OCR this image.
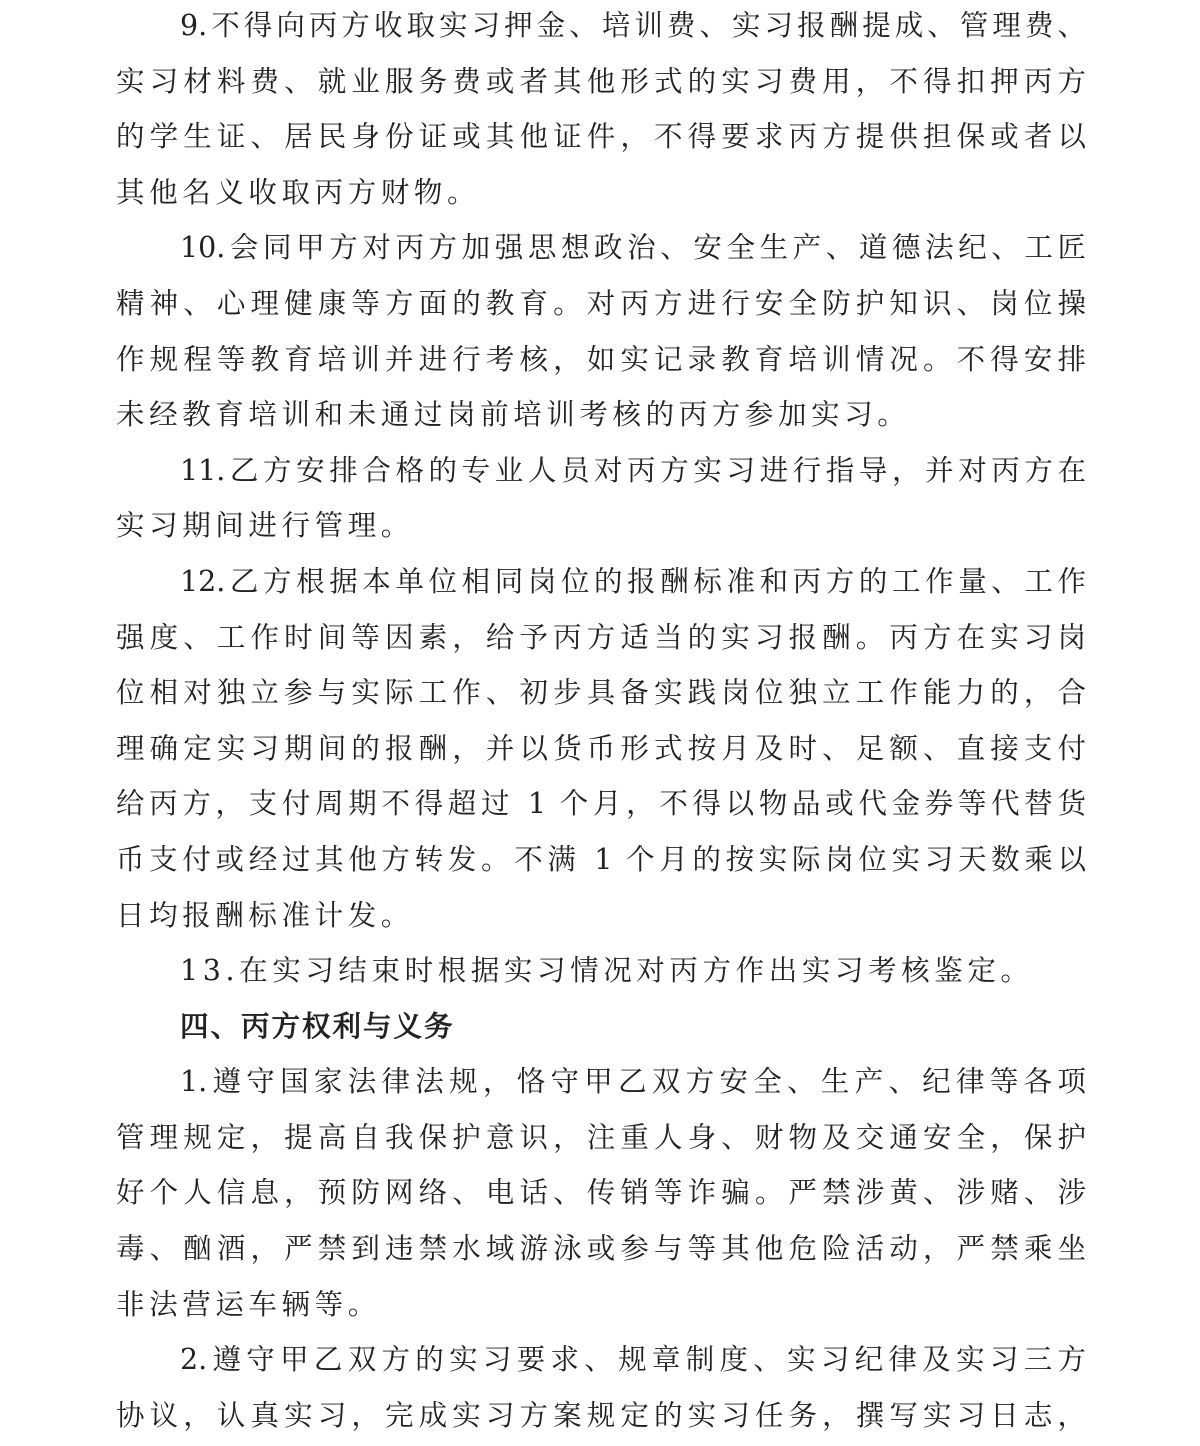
9.不得向丙方收取实习押金、培训费、实习报酬提成、管理费、
实习材料费、就业服务费或者其他形式的实习费用，不得扣押丙方
的学生证、居民身份证或其他证件，不得要求丙方提供担保或者以
其他名义收取丙方财物。
10.会同甲方对丙方加强思想政治、安全生产、道德法纪、工匠
精神、心理健康等方面的教育。对丙方进行安全防护知识、岗位操
作规程等教育培训并进行考核，如实记录教育培训情况。不得安排
未经教育培训和未通过岗前培训考核的丙方参加实习。
11.乙方安排合格的专业人员对丙方实习进行指导，并对丙方在
实习期间进行管理。
12.乙方根据本单位相同岗位的报酬标准和丙方的工作量、工作
强度、工作时间等因素，给予丙方适当的实习报酬。丙方在实习岗
位相对独立参与实际工作、初步具备实践岗位独立工作能力的，合
理确定实习期间的报酬，并以货币形式按月及时、足额、直接支付
给丙方，支付周期不得超过 1 个月，不得以物品或代金券等代替货
币支付或经过其他方转发。不满 1 个月的按实际岗位实习天数乘以
日均报酬标准计发。
13.在实习结束时根据实习情况对丙方作出实习考核鉴定。
四、丙方权利与义务
1.遵守国家法律法规，恪守甲乙双方安全、生产、纪律等各项
管理规定，提高自我保护意识，注重人身、财物及交通安全，保护
好个人信息，预防网络、电话、传销等诈骗。严禁涉黄、涉赌、涉
毒、酗酒，严禁到违禁水域游泳或参与等其他危险活动，严禁乘坐
非法营运车辆等。
2.遵守甲乙双方的实习要求、规章制度、实习纪律及实习三方
协议，认真实习，完成实习方案规定的实习任务，撰写实习日志，
